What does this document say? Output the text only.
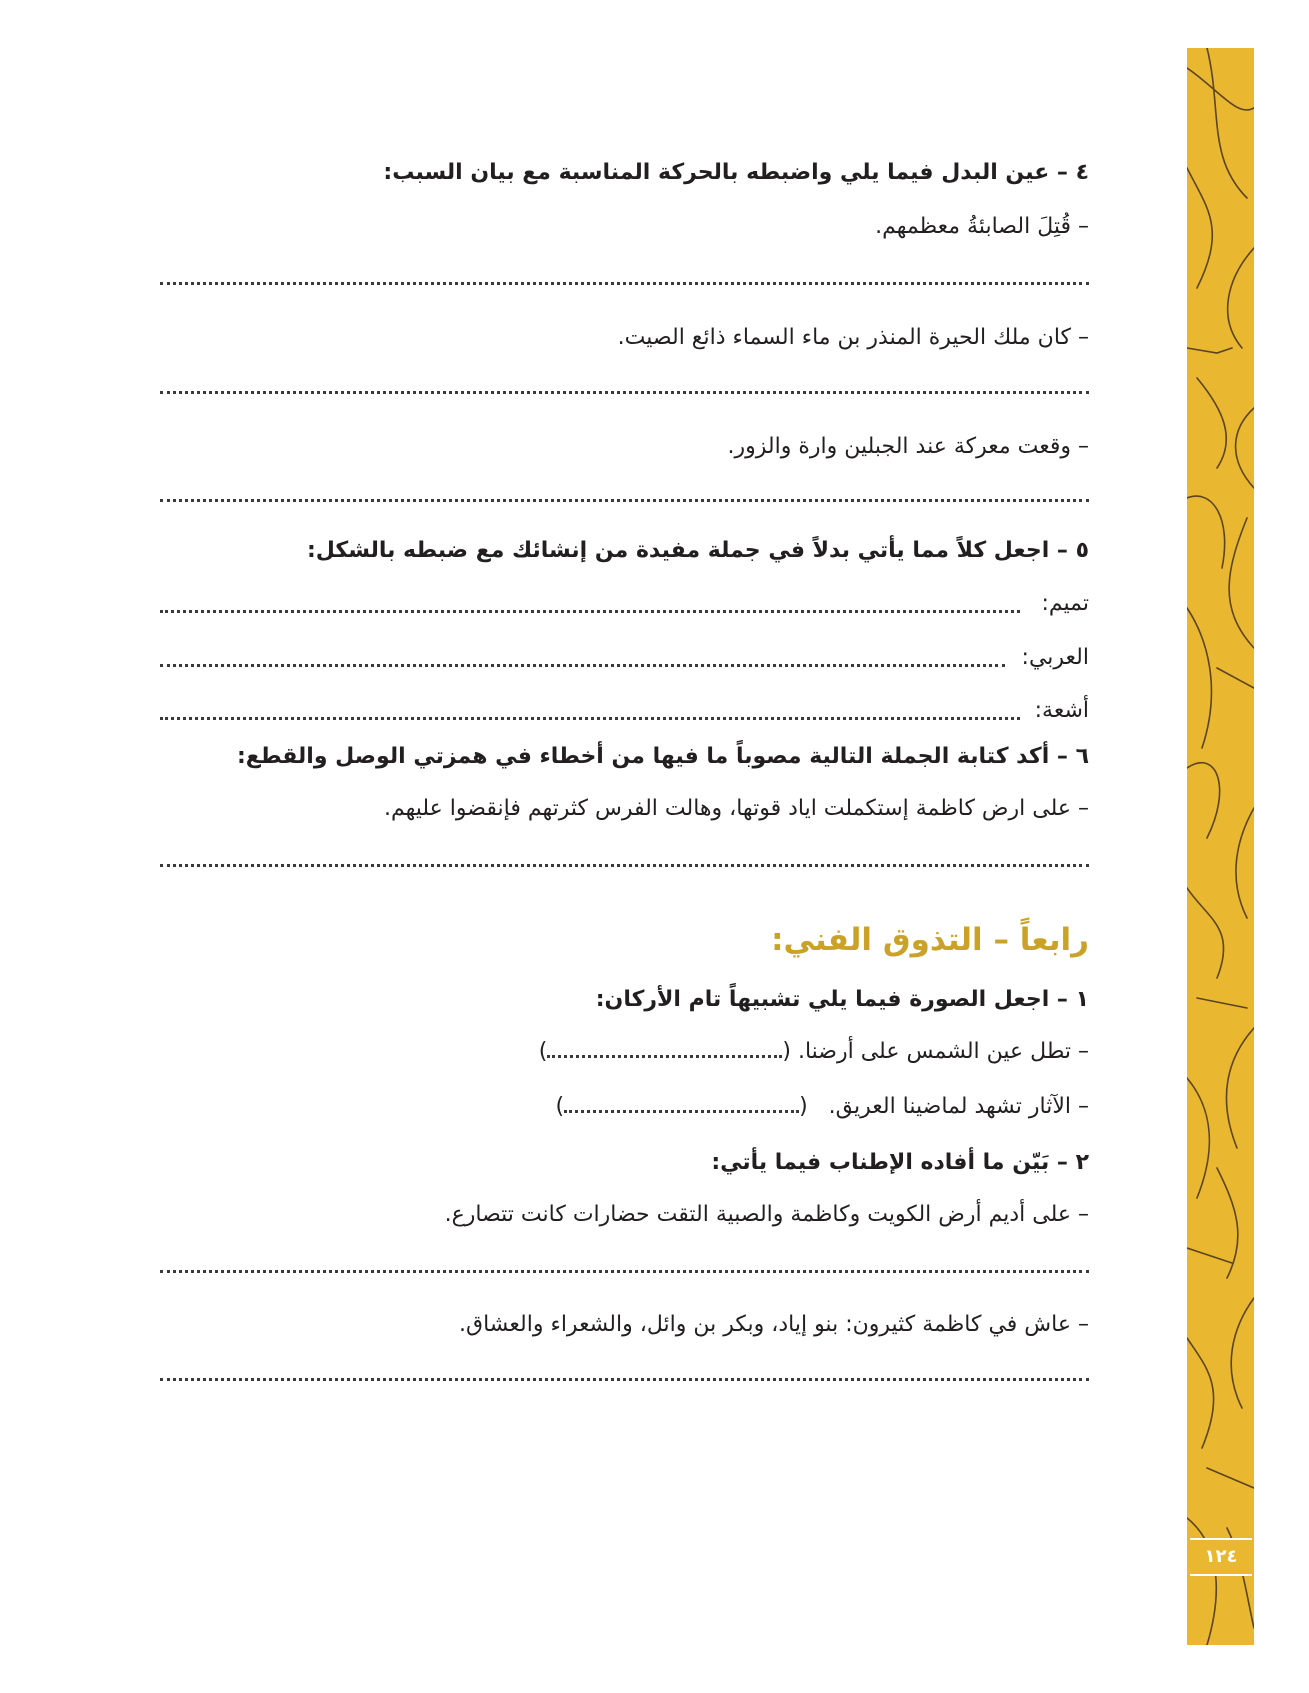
٤ – عين البدل فيما يلي واضبطه بالحركة المناسبة مع بيان السبب:
– قُتِلَ الصابئةُ معظمهم.
– كان ملك الحيرة المنذر بن ماء السماء ذائع الصيت.
– وقعت معركة عند الجبلين وارة والزور.
٥ – اجعل كلاً مما يأتي بدلاً في جملة مفيدة من إنشائك مع ضبطه بالشكل:
تميم:
العربي:
أشعة:
٦ – أكد كتابة الجملة التالية مصوباً ما فيها من أخطاء في همزتي الوصل والقطع:
– على ارض كاظمة إستكملت اياد قوتها، وهالت الفرس كثرتهم فإنقضوا عليهم.
رابعاً – التذوق الفني:
١ – اجعل الصورة فيما يلي تشبيهاً تام الأركان:
– تطل عين الشمس على أرضنا. ()
– الآثار تشهد لماضينا العريق.   ()
٢ – بَيّن ما أفاده الإطناب فيما يأتي:
– على أديم أرض الكويت وكاظمة والصبية التقت حضارات كانت تتصارع.
– عاش في كاظمة كثيرون: بنو إياد، وبكر بن وائل، والشعراء والعشاق.
١٢٤
